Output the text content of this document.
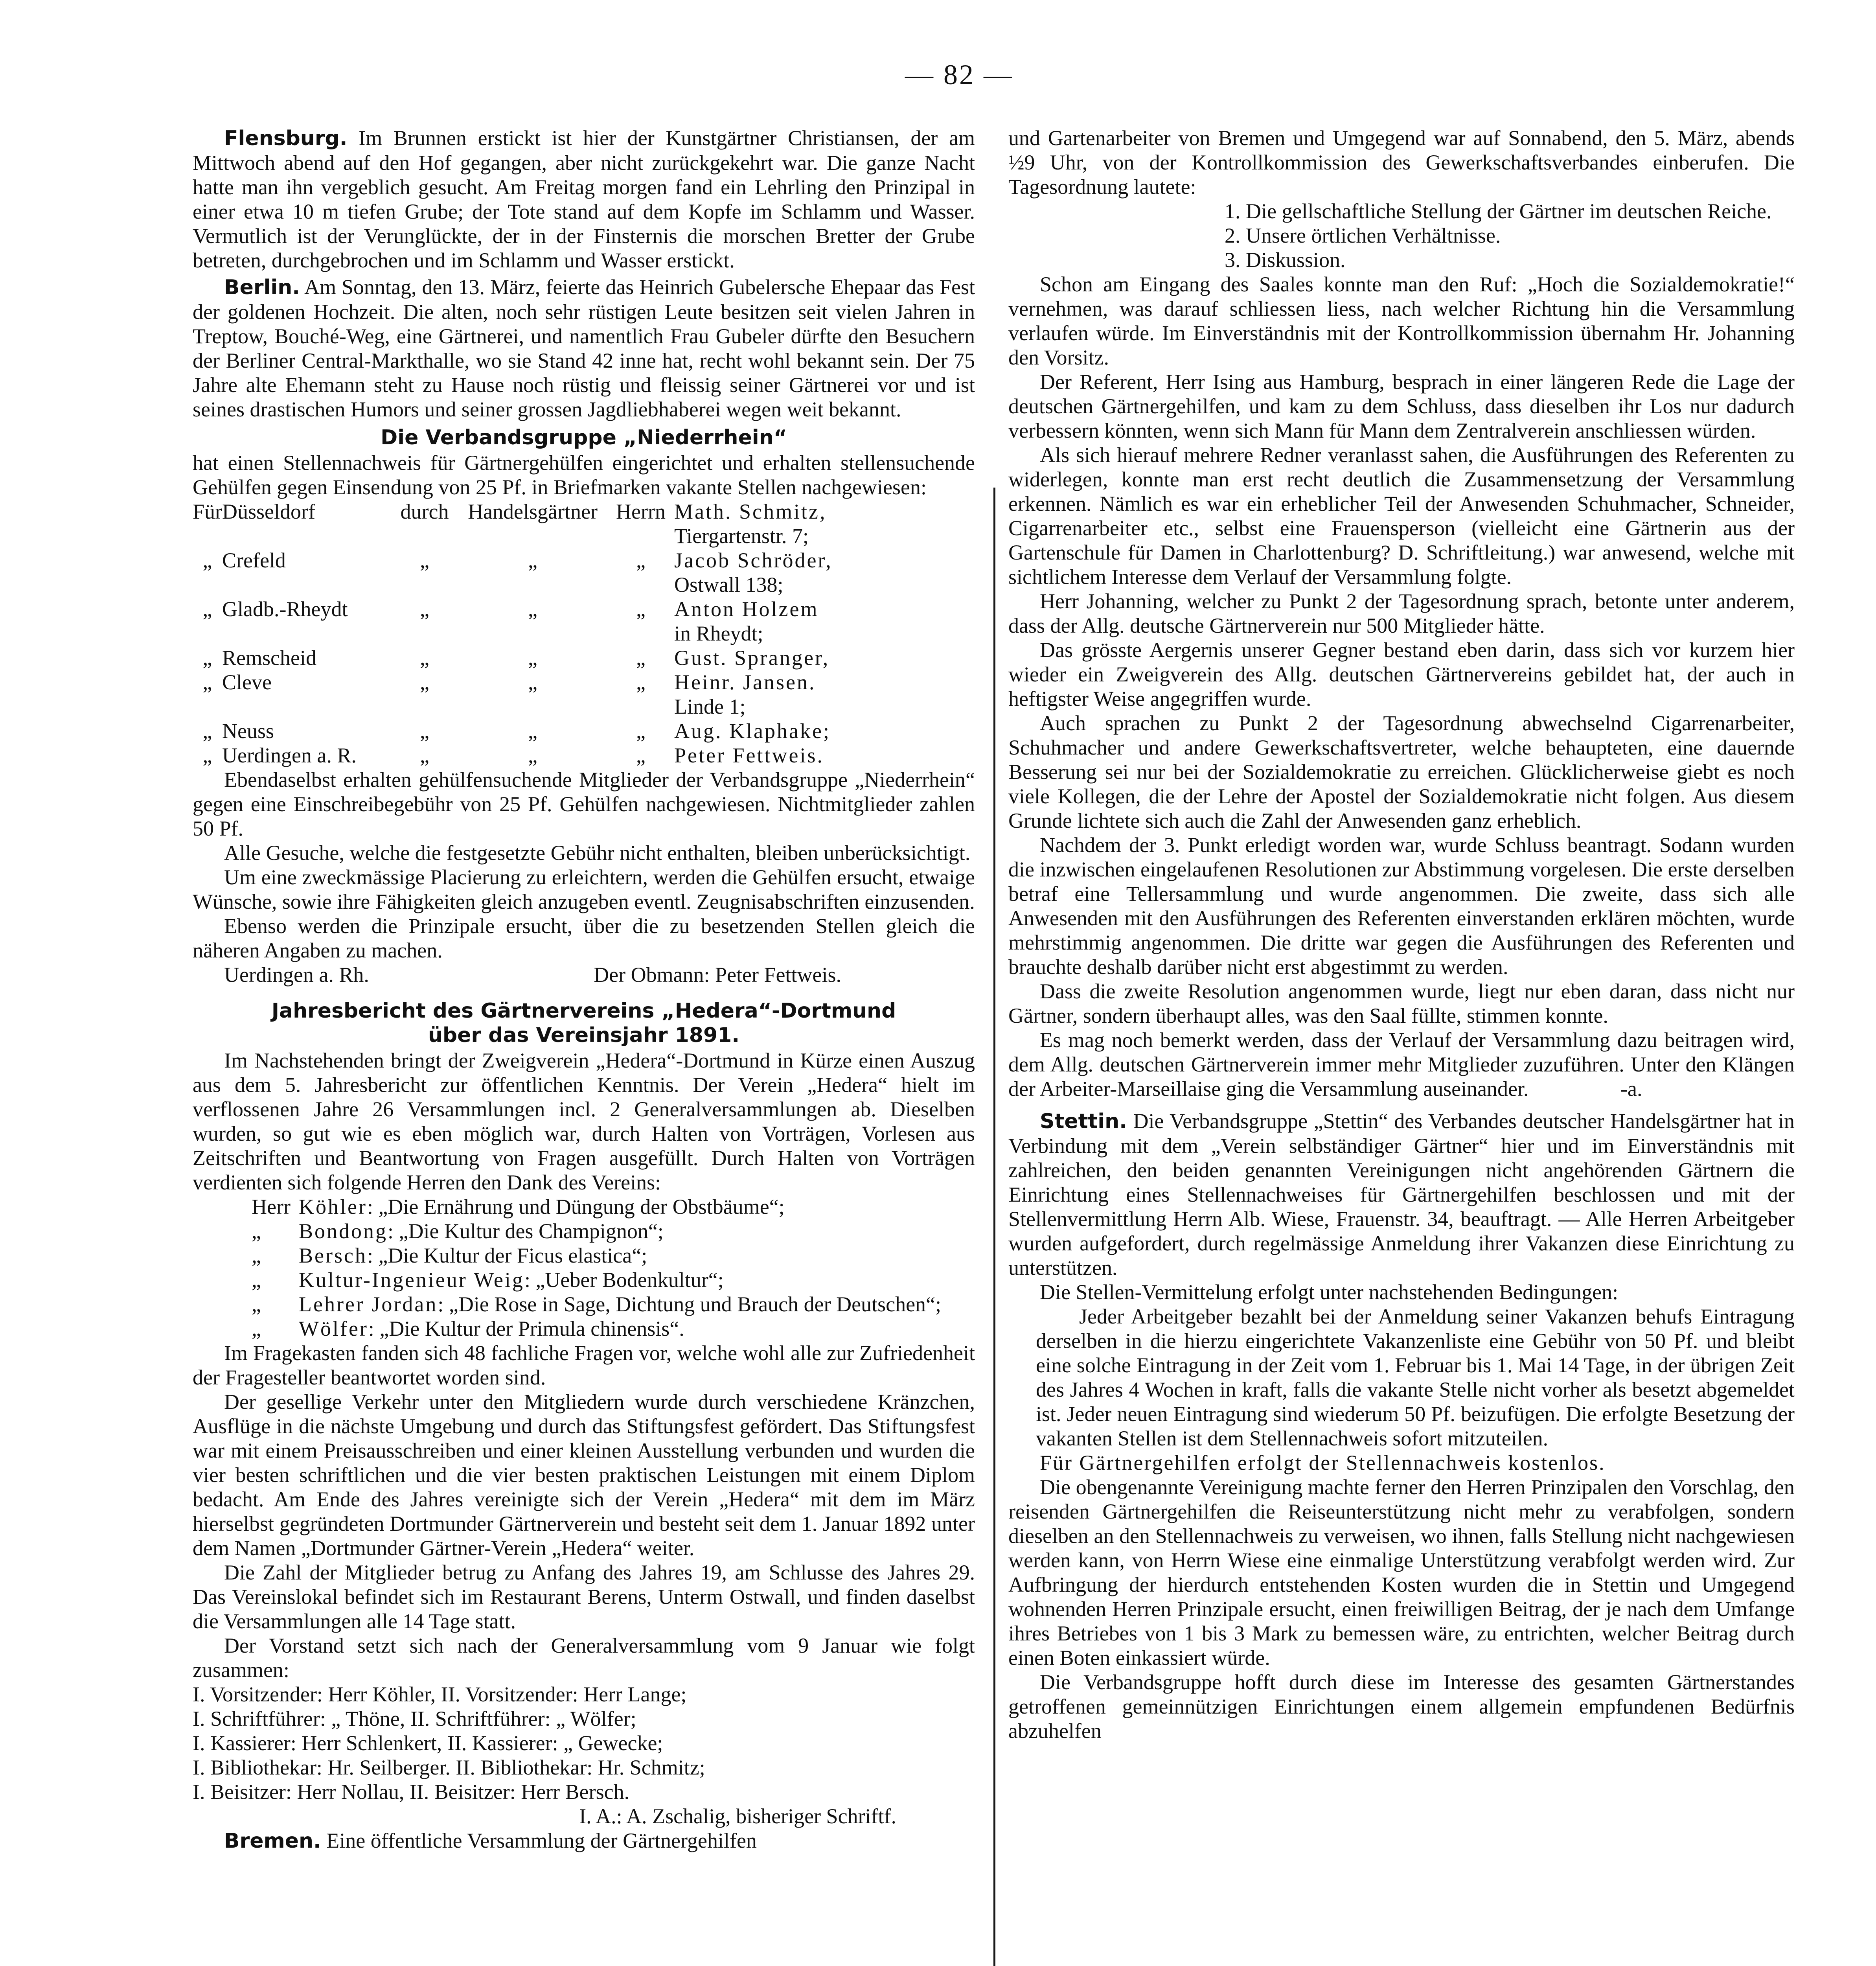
— 82 —

Flensburg. Im Brunnen erstickt ist hier der Kunstgärtner Christiansen, der am Mittwoch abend auf den Hof gegangen, aber nicht zurückgekehrt war. Die ganze Nacht hatte man ihn vergeblich gesucht. Am Freitag morgen fand ein Lehrling den Prinzipal in einer etwa 10 m tiefen Grube; der Tote stand auf dem Kopfe im Schlamm und Wasser. Vermutlich ist der Verunglückte, der in der Finsternis die morschen Bretter der Grube betreten, durchgebrochen und im Schlamm und Wasser erstickt.

Berlin. Am Sonntag, den 13. März, feierte das Heinrich Gubelersche Ehepaar das Fest der goldenen Hochzeit. Die alten, noch sehr rüstigen Leute besitzen seit vielen Jahren in Treptow, Bouché-Weg, eine Gärtnerei, und namentlich Frau Gubeler dürfte den Besuchern der Berliner Central-Markthalle, wo sie Stand 42 inne hat, recht wohl bekannt sein. Der 75 Jahre alte Ehemann steht zu Hause noch rüstig und fleissig seiner Gärtnerei vor und ist seines drastischen Humors und seiner grossen Jagdliebhaberei wegen weit bekannt.

Die Verbandsgruppe „Niederrhein“

hat einen Stellennachweis für Gärtnergehülfen eingerichtet und erhalten stellensuchende Gehülfen gegen Einsendung von 25 Pf. in Briefmarken vakante Stellen nachgewiesen:

Für	Düsseldorf	durch	Handelsgärtner	Herrn	Math. Schmitz,
Tiergartenstr. 7;

„	Crefeld	„	„	„	Jacob Schröder,
Ostwall 138;

„	Gladb.-Rheydt	„	„	„	Anton Holzem
in Rheydt;

„	Remscheid	„	„	„	Gust. Spranger,

„	Cleve	„	„	„	Heinr. Jansen.
Linde 1;

„	Neuss	„	„	„	Aug. Klaphake;

„	Uerdingen a. R.	„	„	„	Peter Fettweis.

Ebendaselbst erhalten gehülfensuchende Mitglieder der Verbandsgruppe „Niederrhein“ gegen eine Einschreibegebühr von 25 Pf. Gehülfen nachgewiesen. Nichtmitglieder zahlen 50 Pf.

Alle Gesuche, welche die festgesetzte Gebühr nicht enthalten, bleiben unberücksichtigt.

Um eine zweckmässige Placierung zu erleichtern, werden die Gehülfen ersucht, etwaige Wünsche, sowie ihre Fähigkeiten gleich anzugeben eventl. Zeugnisabschriften einzusenden.

Ebenso werden die Prinzipale ersucht, über die zu besetzenden Stellen gleich die näheren Angaben zu machen.

Uerdingen a. Rh.	Der Obmann: Peter Fettweis.

Jahresbericht des Gärtnervereins „Hedera“-Dortmund
über das Vereinsjahr 1891.

Im Nachstehenden bringt der Zweigverein „Hedera“-Dortmund in Kürze einen Auszug aus dem 5. Jahresbericht zur öffentlichen Kenntnis. Der Verein „Hedera“ hielt im verflossenen Jahre 26 Versammlungen incl. 2 Generalversammlungen ab. Dieselben wurden, so gut wie es eben möglich war, durch Halten von Vorträgen, Vorlesen aus Zeitschriften und Beantwortung von Fragen ausgefüllt. Durch Halten von Vorträgen verdienten sich folgende Herren den Dank des Vereins:

Herr Köhler: „Die Ernährung und Düngung der Obstbäume“;

„ Bondong: „Die Kultur des Champignon“;

„ Bersch: „Die Kultur der Ficus elastica“;

„ Kultur-Ingenieur Weig: „Ueber Bodenkultur“;

„ Lehrer Jordan: „Die Rose in Sage, Dichtung und Brauch der Deutschen“;

„ Wölfer: „Die Kultur der Primula chinensis“.

Im Fragekasten fanden sich 48 fachliche Fragen vor, welche wohl alle zur Zufriedenheit der Fragesteller beantwortet worden sind.

Der gesellige Verkehr unter den Mitgliedern wurde durch verschiedene Kränzchen, Ausflüge in die nächste Umgebung und durch das Stiftungsfest gefördert. Das Stiftungsfest war mit einem Preisausschreiben und einer kleinen Ausstellung verbunden und wurden die vier besten schriftlichen und die vier besten praktischen Leistungen mit einem Diplom bedacht. Am Ende des Jahres vereinigte sich der Verein „Hedera“ mit dem im März hierselbst gegründeten Dortmunder Gärtnerverein und besteht seit dem 1. Januar 1892 unter dem Namen „Dortmunder Gärtner-Verein „Hedera“ weiter.

Die Zahl der Mitglieder betrug zu Anfang des Jahres 19, am Schlusse des Jahres 29. Das Vereinslokal befindet sich im Restaurant Berens, Unterm Ostwall, und finden daselbst die Versammlungen alle 14 Tage statt.

Der Vorstand setzt sich nach der Generalversammlung vom 9 Januar wie folgt zusammen:

I. Vorsitzender: Herr Köhler, II. Vorsitzender: Herr Lange;

I. Schriftführer: „ Thöne, II. Schriftführer: „ Wölfer;

I. Kassierer: Herr Schlenkert, II. Kassierer: „ Gewecke;

I. Bibliothekar: Hr. Seilberger. II. Bibliothekar: Hr. Schmitz;

I. Beisitzer: Herr Nollau, II. Beisitzer: Herr Bersch.

I. A.: A. Zschalig, bisheriger Schriftf.

Bremen. Eine öffentliche Versammlung der Gärtnergehilfen

und Gartenarbeiter von Bremen und Umgegend war auf Sonnabend, den 5. März, abends ½9 Uhr, von der Kontrollkommission des Gewerkschaftsverbandes einberufen. Die Tagesordnung lautete:

1. Die gellschaftliche Stellung der Gärtner im deutschen Reiche.

2. Unsere örtlichen Verhältnisse.

3. Diskussion.

Schon am Eingang des Saales konnte man den Ruf: „Hoch die Sozialdemokratie!“ vernehmen, was darauf schliessen liess, nach welcher Richtung hin die Versammlung verlaufen würde. Im Einverständnis mit der Kontrollkommission übernahm Hr. Johanning den Vorsitz.

Der Referent, Herr Ising aus Hamburg, besprach in einer längeren Rede die Lage der deutschen Gärtnergehilfen, und kam zu dem Schluss, dass dieselben ihr Los nur dadurch verbessern könnten, wenn sich Mann für Mann dem Zentralverein anschliessen würden.

Als sich hierauf mehrere Redner veranlasst sahen, die Ausführungen des Referenten zu widerlegen, konnte man erst recht deutlich die Zusammensetzung der Versammlung erkennen. Nämlich es war ein erheblicher Teil der Anwesenden Schuhmacher, Schneider, Cigarrenarbeiter etc., selbst eine Frauensperson (vielleicht eine Gärtnerin aus der Gartenschule für Damen in Charlottenburg? D. Schriftleitung.) war anwesend, welche mit sichtlichem Interesse dem Verlauf der Versammlung folgte.

Herr Johanning, welcher zu Punkt 2 der Tagesordnung sprach, betonte unter anderem, dass der Allg. deutsche Gärtnerverein nur 500 Mitglieder hätte.

Das grösste Aergernis unserer Gegner bestand eben darin, dass sich vor kurzem hier wieder ein Zweigverein des Allg. deutschen Gärtnervereins gebildet hat, der auch in heftigster Weise angegriffen wurde.

Auch sprachen zu Punkt 2 der Tagesordnung abwechselnd Cigarrenarbeiter, Schuhmacher und andere Gewerkschaftsvertreter, welche behaupteten, eine dauernde Besserung sei nur bei der Sozialdemokratie zu erreichen. Glücklicherweise giebt es noch viele Kollegen, die der Lehre der Apostel der Sozialdemokratie nicht folgen. Aus diesem Grunde lichtete sich auch die Zahl der Anwesenden ganz erheblich.

Nachdem der 3. Punkt erledigt worden war, wurde Schluss beantragt. Sodann wurden die inzwischen eingelaufenen Resolutionen zur Abstimmung vorgelesen. Die erste derselben betraf eine Tellersammlung und wurde angenommen. Die zweite, dass sich alle Anwesenden mit den Ausführungen des Referenten einverstanden erklären möchten, wurde mehrstimmig angenommen. Die dritte war gegen die Ausführungen des Referenten und brauchte deshalb darüber nicht erst abgestimmt zu werden.

Dass die zweite Resolution angenommen wurde, liegt nur eben daran, dass nicht nur Gärtner, sondern überhaupt alles, was den Saal füllte, stimmen konnte.

Es mag noch bemerkt werden, dass der Verlauf der Versammlung dazu beitragen wird, dem Allg. deutschen Gärtnerverein immer mehr Mitglieder zuzuführen. Unter den Klängen der Arbeiter-Marseillaise ging die Versammlung auseinander.	-a.

Stettin. Die Verbandsgruppe „Stettin“ des Verbandes deutscher Handelsgärtner hat in Verbindung mit dem „Verein selbständiger Gärtner“ hier und im Einverständnis mit zahlreichen, den beiden genannten Vereinigungen nicht angehörenden Gärtnern die Einrichtung eines Stellennachweises für Gärtnergehilfen beschlossen und mit der Stellenvermittlung Herrn Alb. Wiese, Frauenstr. 34, beauftragt. — Alle Herren Arbeitgeber wurden aufgefordert, durch regelmässige Anmeldung ihrer Vakanzen diese Einrichtung zu unterstützen.

Die Stellen-Vermittelung erfolgt unter nachstehenden Bedingungen:

Jeder Arbeitgeber bezahlt bei der Anmeldung seiner Vakanzen behufs Eintragung derselben in die hierzu eingerichtete Vakanzenliste eine Gebühr von 50 Pf. und bleibt eine solche Eintragung in der Zeit vom 1. Februar bis 1. Mai 14 Tage, in der übrigen Zeit des Jahres 4 Wochen in kraft, falls die vakante Stelle nicht vorher als besetzt abgemeldet ist. Jeder neuen Eintragung sind wiederum 50 Pf. beizufügen. Die erfolgte Besetzung der vakanten Stellen ist dem Stellennachweis sofort mitzuteilen.

Für Gärtnergehilfen erfolgt der Stellennachweis kostenlos.

Die obengenannte Vereinigung machte ferner den Herren Prinzipalen den Vorschlag, den reisenden Gärtnergehilfen die Reiseunterstützung nicht mehr zu verabfolgen, sondern dieselben an den Stellennachweis zu verweisen, wo ihnen, falls Stellung nicht nachgewiesen werden kann, von Herrn Wiese eine einmalige Unterstützung verabfolgt werden wird. Zur Aufbringung der hierdurch entstehenden Kosten wurden die in Stettin und Umgegend wohnenden Herren Prinzipale ersucht, einen freiwilligen Beitrag, der je nach dem Umfange ihres Betriebes von 1 bis 3 Mark zu bemessen wäre, zu entrichten, welcher Beitrag durch einen Boten einkassiert würde.

Die Verbandsgruppe hofft durch diese im Interesse des gesamten Gärtnerstandes getroffenen gemeinnützigen Einrichtungen einem allgemein empfundenen Bedürfnis abzuhelfen
